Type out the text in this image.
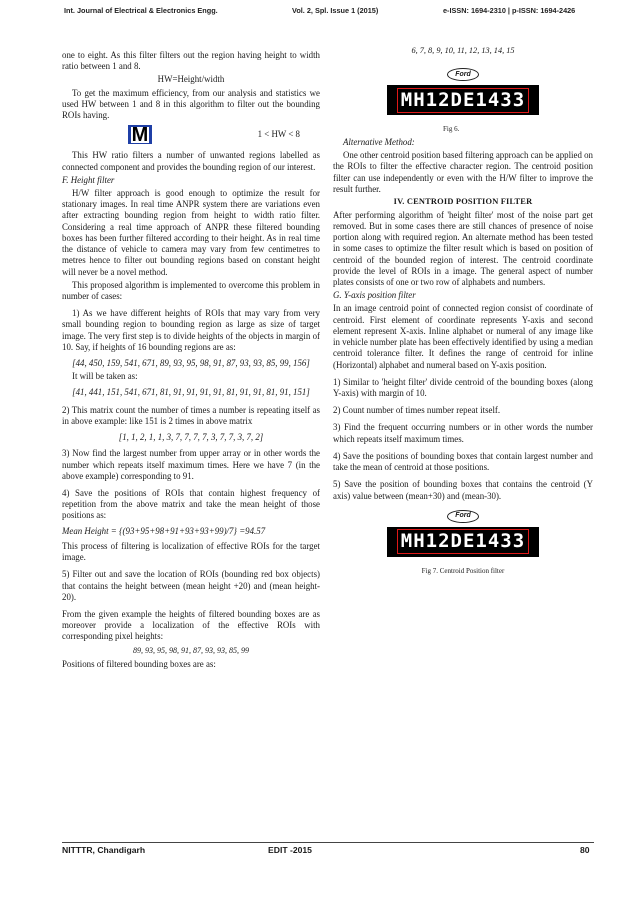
Int. Journal of Electrical & Electronics Engg.	Vol. 2, Spl. Issue 1 (2015)	e-ISSN: 1694-2310 | p-ISSN: 1694-2426

one to eight. As this filter filters out the region having height to width ratio between 1 and 8.

HW=Height/width

To get the maximum efficiency, from our analysis and statistics we used HW between 1 and 8 in this algorithm to filter out the bounding ROIs having.

M	1 < HW < 8

This HW ratio filters a number of unwanted regions labelled as connected component and provides the bounding region of our interest.

F. Height filter

H/W filter approach is good enough to optimize the result for stationary images. In real time ANPR system there are variations even after extracting bounding region from height to width ratio filter. Considering a real time approach of ANPR these filtered bounding boxes has been further filtered according to their height. As in real time the distance of vehicle to camera may vary from few centimetres to metres hence to filter out bounding regions based on constant height will never be a novel method.

This proposed algorithm is implemented to overcome this problem in number of cases:

1) As we have different heights of ROIs that may vary from very small bounding region to bounding region as large as size of target image. The very first step is to divide heights of the objects in margin of 10. Say, if heights of 16 bounding regions are as:

[44, 450, 159, 541, 671, 89, 93, 95, 98, 91, 87, 93, 93, 85, 99, 156]

It will be taken as:

[41, 441, 151, 541, 671, 81, 91, 91, 91, 91, 81, 91, 91, 81, 91, 151]

2) This matrix count the number of times a number is repeating itself as in above example: like 151 is 2 times in above matrix

[1, 1, 2, 1, 1, 3, 7, 7, 7, 7, 3, 7, 7, 3, 7, 2]

3) Now find the largest number from upper array or in other words the number which repeats itself maximum times. Here we have 7 (in the above example) corresponding to 91.

4) Save the positions of ROIs that contain highest frequency of repetition from the above matrix and take the mean height of those positions as:

Mean Height = {(93+95+98+91+93+93+99)/7} =94.57

This process of filtering is localization of effective ROIs for the target image.

5) Filter out and save the location of ROIs (bounding red box objects) that contains the height between (mean height +20) and (mean height-20).

From the given example the heights of filtered bounding boxes are as moreover provide a localization of the effective ROIs with corresponding pixel heights:

89, 93, 95, 98, 91, 87, 93, 93, 85, 99

Positions of filtered bounding boxes are as:

6, 7, 8, 9, 10, 11, 12, 13, 14, 15

Ford
MH12DE1433

Fig 6.

Alternative Method:

One other centroid position based filtering approach can be applied on the ROIs to filter the effective character region. The centroid position filter can use independently or even with the H/W filter to improve the result further.

IV. CENTROID POSITION FILTER

After performing algorithm of 'height filter' most of the noise part get removed. But in some cases there are still chances of presence of noise portion along with required region. An alternate method has been tested in some cases to optimize the filter result which is based on position of centroid of the bounded region of interest. The centroid coordinate provide the level of ROIs in a image. The general aspect of number plates consists of one or two row of alphabets and numbers.

G. Y-axis position filter

In an image centroid point of connected region consist of coordinate of centroid. First element of coordinate represents Y-axis and second element represent X-axis. Inline alphabet or numeral of any image like in vehicle number plate has been effectively identified by using a median centroid tolerance filter. It defines the range of centroid for inline (Horizontal) alphabet and numeral based on Y-axis position.

1) Similar to 'height filter' divide centroid of the bounding boxes (along Y-axis) with margin of 10.

2) Count number of times number repeat itself.

3) Find the frequent occurring numbers or in other words the number which repeats itself maximum times.

4) Save the positions of bounding boxes that contain largest number and take the mean of centroid at those positions.

5) Save the position of bounding boxes that contains the centroid (Y axis) value between (mean+30) and (mean-30).

Ford
MH12DE1433

Fig 7. Centroid Position filter

NITTTR, Chandigarh	EDIT -2015	80
